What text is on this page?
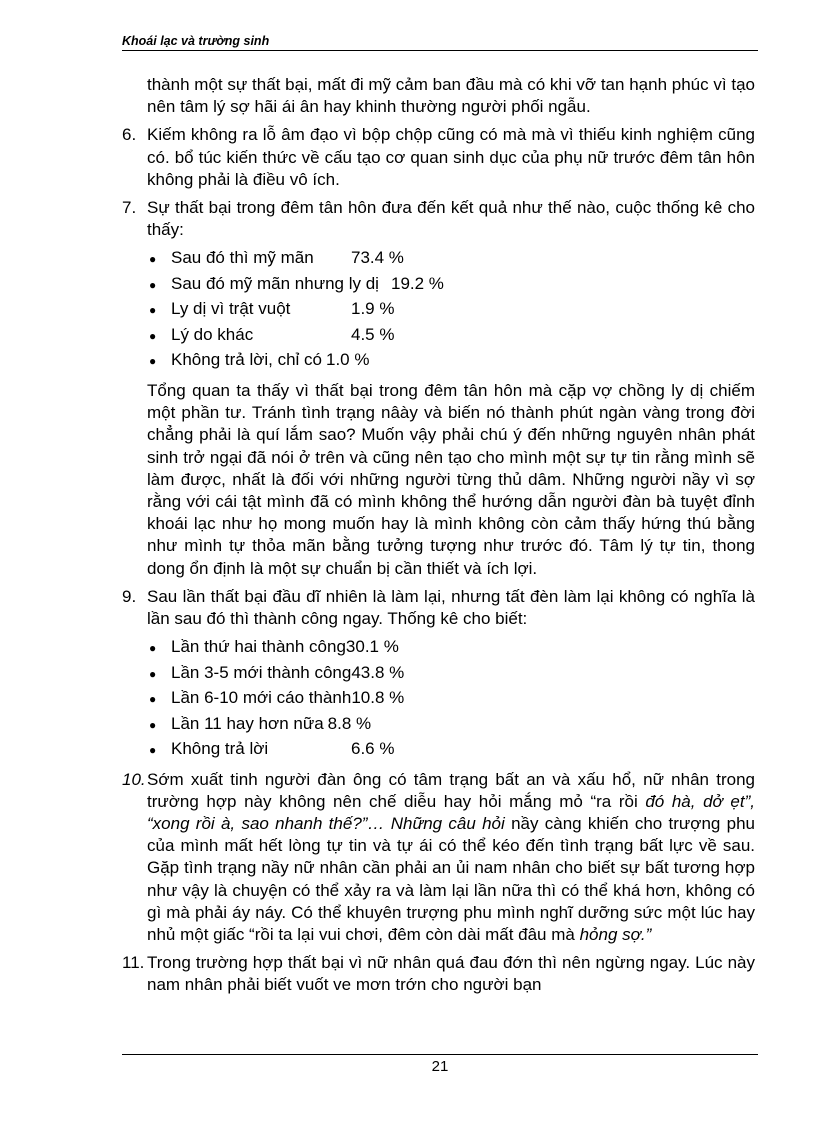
Khoái lạc và trường sinh

thành một sự thất bại, mất đi mỹ cảm ban đầu mà có khi vỡ tan hạnh phúc vì tạo nên tâm lý sợ hãi ái ân hay khinh thường người phối ngẫu.

6. Kiếm không ra lỗ âm đạo vì bộp chộp cũng có mà mà vì thiếu kinh nghiệm cũng có. bổ túc kiến thức về cấu tạo cơ quan sinh dục của phụ nữ trước đêm tân hôn không phải là điều vô ích.
7. Sự thất bại trong đêm tân hôn đưa đến kết quả như thế nào, cuộc thống kê cho thấy:
● Sau đó thì mỹ mãn	73.4 %
● Sau đó mỹ mãn nhưng ly dị 19.2 %
● Ly dị vì trật vuột	1.9 %
● Lý do khác	4.5 %
● Không trả lời, chỉ có 1.0 %

Tổng quan ta thấy vì thất bại trong đêm tân hôn mà cặp vợ chồng ly dị chiếm một phần tư. Tránh tình trạng nâày và biến nó thành phút ngàn vàng trong đời chẳng phải là quí lắm sao? Muốn vậy phải chú ý đến những nguyên nhân phát sinh trở ngại đã nói ở trên và cũng nên tạo cho mình một sự tự tin rằng mình sẽ làm được, nhất là đối với những người từng thủ dâm. Những người nầy vì sợ rằng với cái tật mình đã có mình không thể hướng dẫn người đàn bà tuyệt đỉnh khoái lạc như họ mong muốn hay là mình không còn cảm thấy hứng thú bằng như mình tự thỏa mãn bằng tưởng tượng như trước đó. Tâm lý tự tin, thong dong ổn định là một sự chuẩn bị cần thiết và ích lợi.

9. Sau lần thất bại đầu dĩ nhiên là làm lại, nhưng tất đèn làm lại không có nghĩa là lần sau đó thì thành công ngay. Thống kê cho biết:
● Lần thứ hai thành công 30.1 %
● Lần 3-5 mới thành công 43.8 %
● Lần 6-10 mới cáo thành 10.8 %
● Lần 11 hay hơn nữa 8.8 %
● Không trả lời	6.6 %
10. Sớm xuất tinh người đàn ông có tâm trạng bất an và xấu hổ, nữ nhân trong trường hợp này không nên chế diễu hay hỏi mắng mỏ “ra rồi đó hà, dở ẹt”, “xong rồi à, sao nhanh thế?”… Những câu hỏi nầy càng khiến cho trượng phu của mình mất hết lòng tự tin và tự ái có thể kéo đến tình trạng bất lực về sau. Gặp tình trạng nầy nữ nhân cần phải an ủi nam nhân cho biết sự bất tương hợp như vậy là chuyện có thể xảy ra và làm lại lần nữa thì có thể khá hơn, không có gì mà phải áy náy. Có thể khuyên trượng phu mình nghĩ dưỡng sức một lúc hay nhủ một giấc “rồi ta lại vui chơi, đêm còn dài mất đâu mà hỏng sợ.”
11. Trong trường hợp thất bại vì nữ nhân quá đau đớn thì nên ngừng ngay. Lúc này nam nhân phải biết vuốt ve mơn trớn cho người bạn
21
